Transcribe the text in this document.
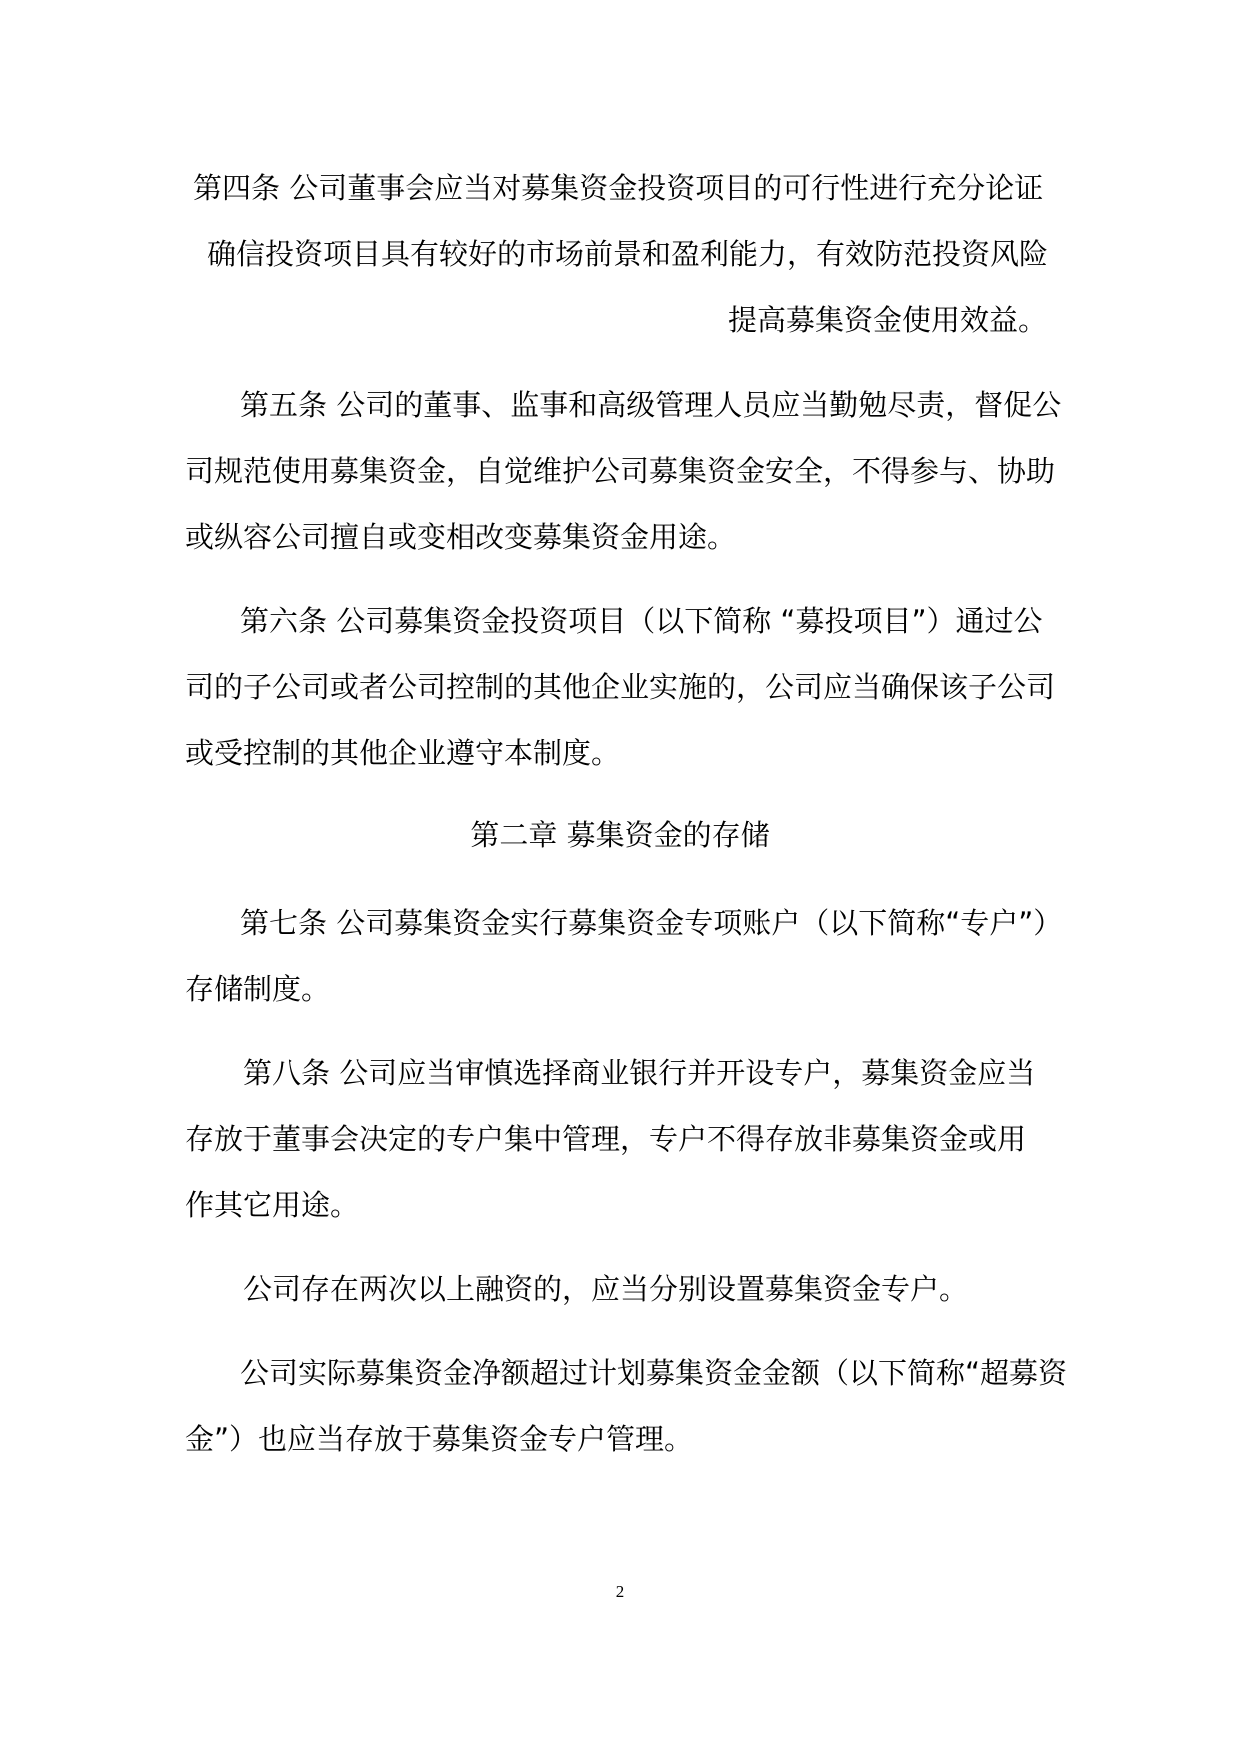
第四条 公司董事会应当对募集资金投资项目的可行性进行充分论证
确信投资项目具有较好的市场前景和盈利能力，有效防范投资风险
提高募集资金使用效益。
第五条 公司的董事、监事和高级管理人员应当勤勉尽责，督促公
司规范使用募集资金，自觉维护公司募集资金安全，不得参与、协助
或纵容公司擅自或变相改变募集资金用途。
第六条 公司募集资金投资项目（以下简称 “募投项目”）通过公
司的子公司或者公司控制的其他企业实施的，公司应当确保该子公司
或受控制的其他企业遵守本制度。
第二章 募集资金的存储
第七条 公司募集资金实行募集资金专项账户（以下简称“专户”）
存储制度。
第八条 公司应当审慎选择商业银行并开设专户，募集资金应当
存放于董事会决定的专户集中管理，专户不得存放非募集资金或用
作其它用途。
公司存在两次以上融资的，应当分别设置募集资金专户。
公司实际募集资金净额超过计划募集资金金额（以下简称“超募资
金”）也应当存放于募集资金专户管理。
2
